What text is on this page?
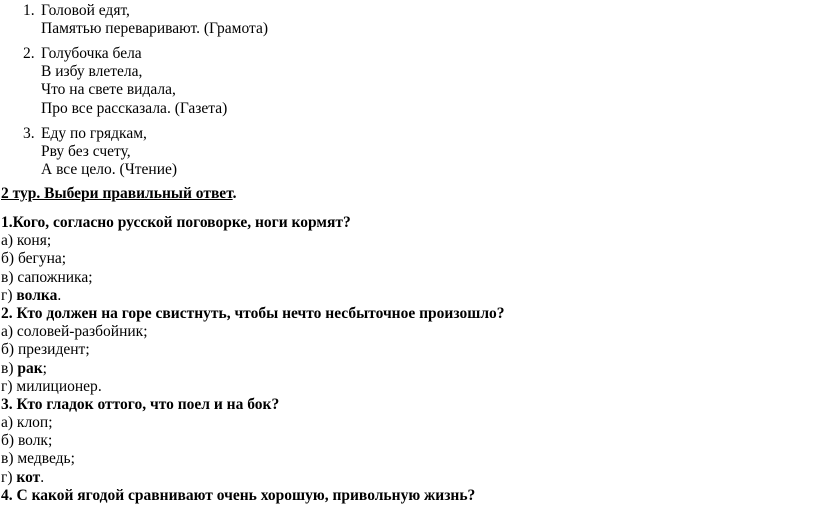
1. Головой едят,
Памятью переваривают. (Грамота)
2. Голубочка бела
В избу влетела,
Что на свете видала,
Про все рассказала. (Газета)
3. Еду по грядкам,
Рву без счету,
А все цело. (Чтение)
2 тур. Выбери правильный ответ.
1.Кого, согласно русской поговорке, ноги кормят?
а) коня;
б) бегуна;
в) сапожника;
г) волка.
2. Кто должен на горе свистнуть, чтобы нечто несбыточное произошло?
а) соловей-разбойник;
б) президент;
в) рак;
г) милиционер.
3. Кто гладок оттого, что поел и на бок?
а) клоп;
б) волк;
в) медведь;
г) кот.
4. С какой ягодой сравнивают очень хорошую, привольную жизнь?
